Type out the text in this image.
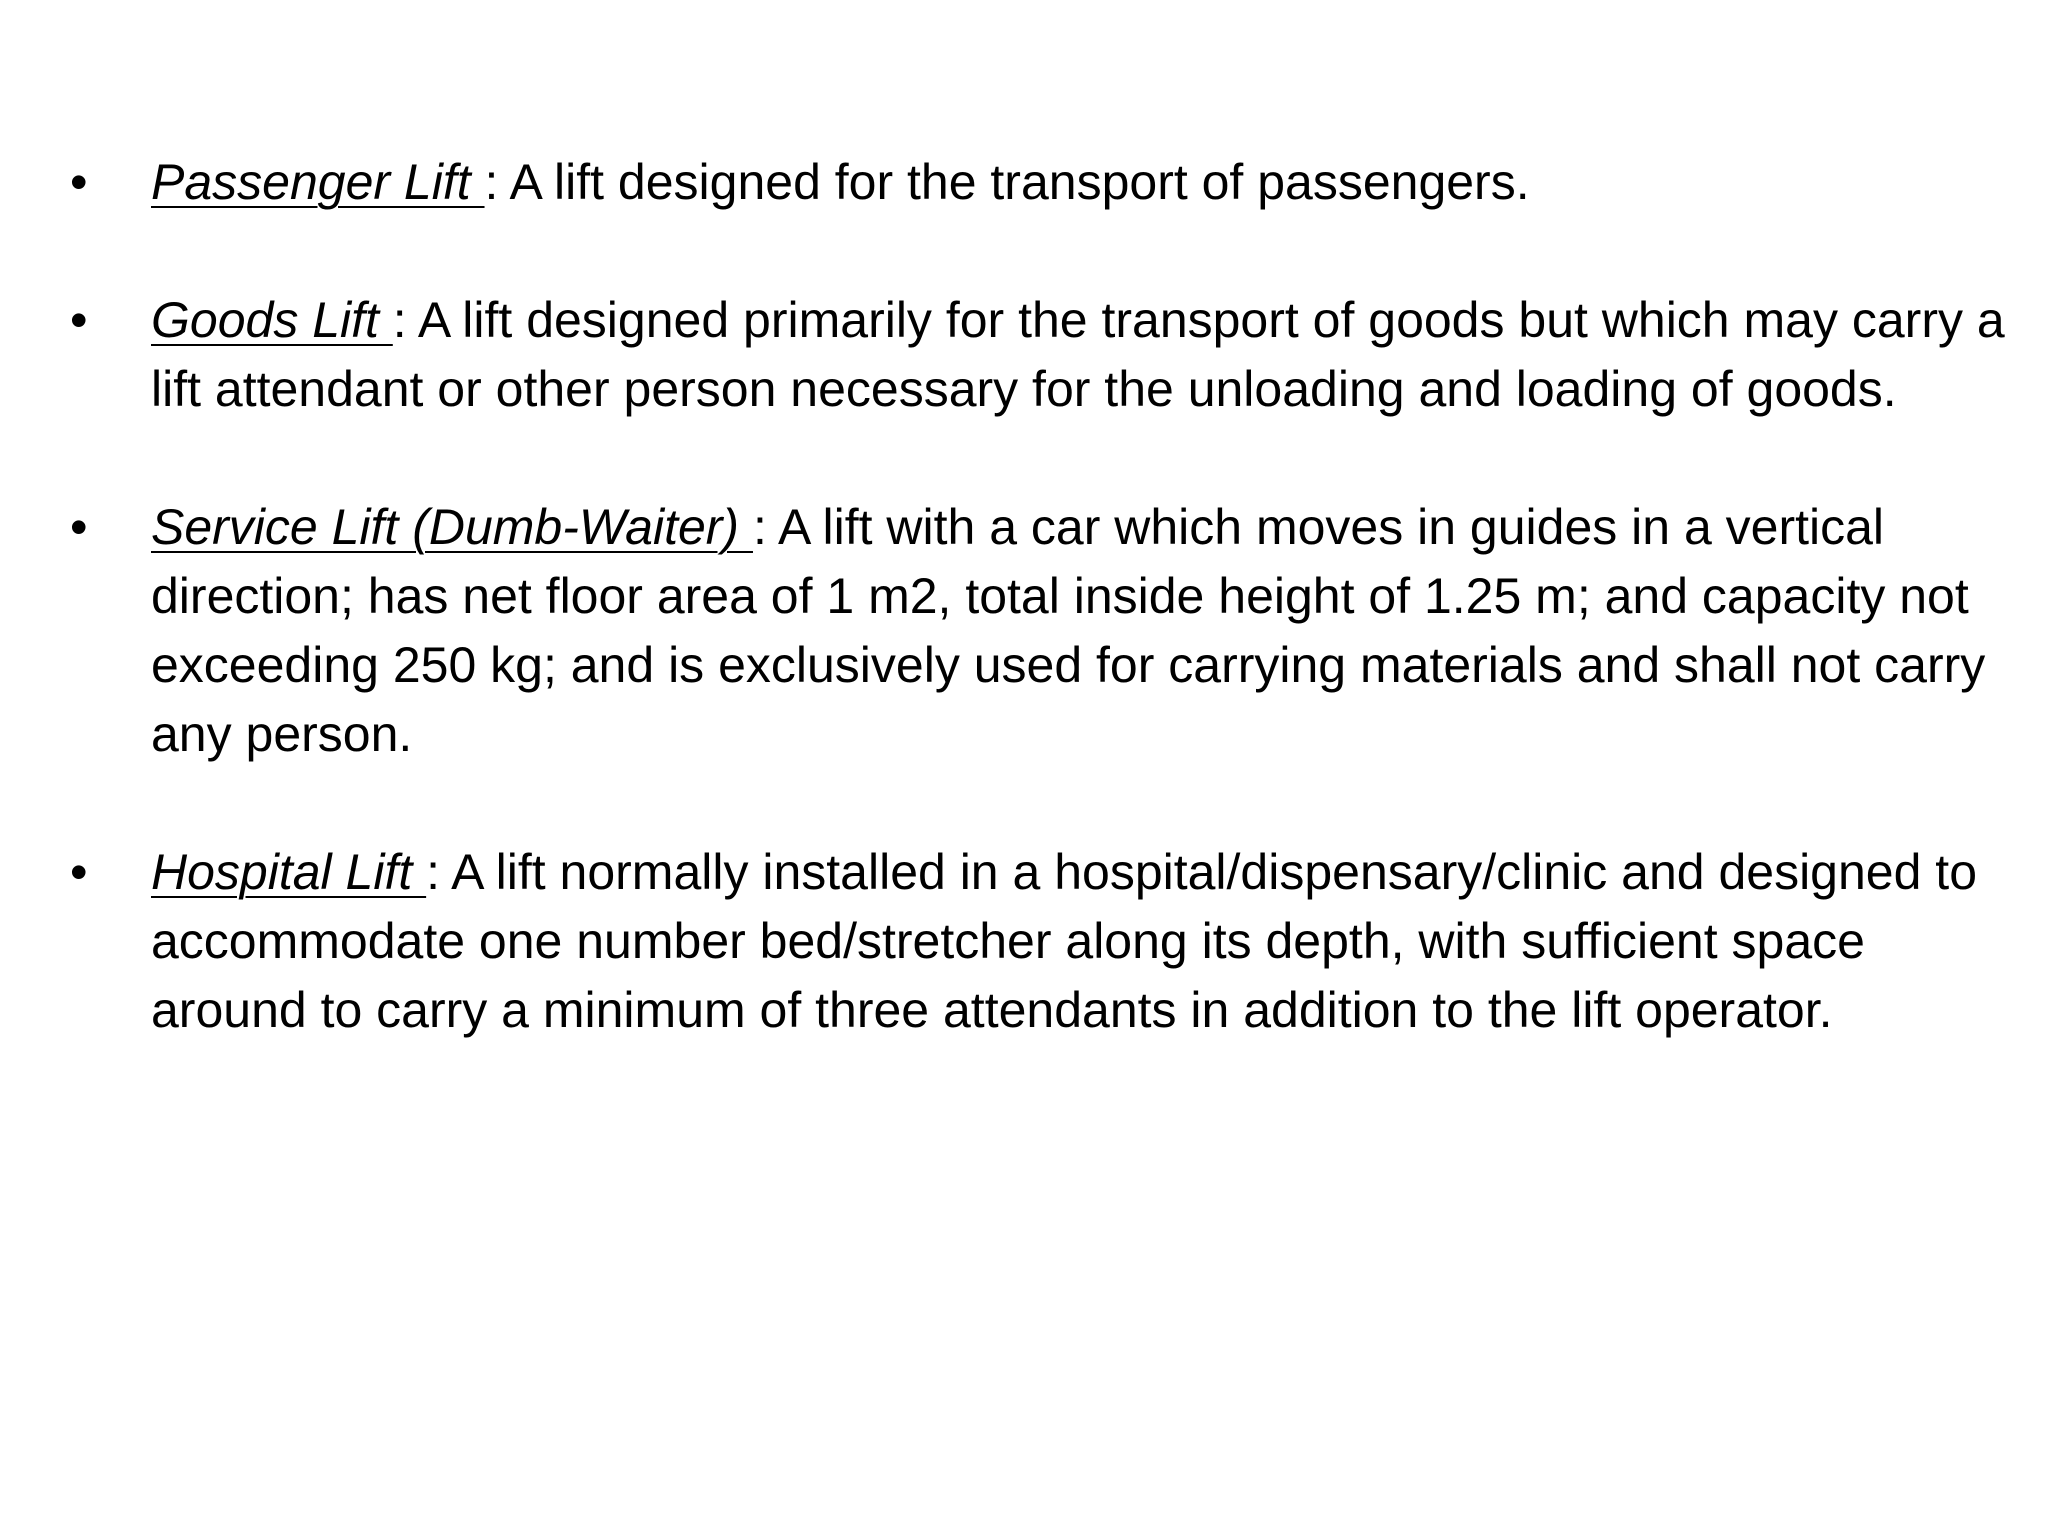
•	Passenger Lift : A lift designed for the transport of passengers.
•	Goods Lift : A lift designed primarily for the transport of goods but which may carry a lift attendant or other person necessary for the unloading and loading of goods.
•	Service Lift (Dumb-Waiter) : A lift with a car which moves in guides in a vertical direction; has net floor area of 1 m2, total inside height of 1.25 m; and capacity not exceeding 250 kg; and is exclusively used for carrying materials and shall not carry any person.
•	Hospital Lift : A lift normally installed in a hospital/dispensary/clinic and designed to accommodate one number bed/stretcher along its depth, with sufficient space around to carry a minimum of three attendants in addition to the lift operator.
